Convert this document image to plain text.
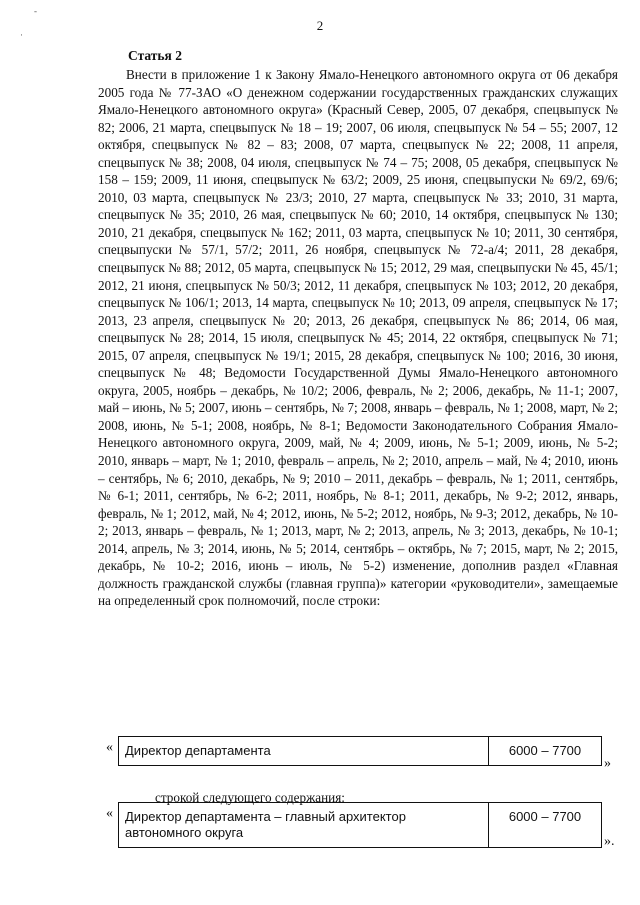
-
·
2
Статья 2
Внести в приложение 1 к Закону Ямало-Ненецкого автономного округа от 06 декабря 2005 года № 77-ЗАО «О денежном содержании государственных гражданских служащих Ямало-Ненецкого автономного округа» (Красный Север, 2005, 07 декабря, спецвыпуск № 82; 2006, 21 марта, спецвыпуск № 18 – 19; 2007, 06 июля, спецвыпуск № 54 – 55; 2007, 12 октября, спецвыпуск № 82 – 83; 2008, 07 марта, спецвыпуск № 22; 2008, 11 апреля, спецвыпуск № 38; 2008, 04 июля, спецвыпуск № 74 – 75; 2008, 05 декабря, спецвыпуск № 158 – 159; 2009, 11 июня, спецвыпуск № 63/2; 2009, 25 июня, спецвыпуски № 69/2, 69/6; 2010, 03 марта, спецвыпуск № 23/3; 2010, 27 марта, спецвыпуск № 33; 2010, 31 марта, спецвыпуск № 35; 2010, 26 мая, спецвыпуск № 60; 2010, 14 октября, спецвыпуск № 130; 2010, 21 декабря, спецвыпуск № 162; 2011, 03 марта, спецвыпуск № 10; 2011, 30 сентября, спецвыпуски № 57/1, 57/2; 2011, 26 ноября, спецвыпуск № 72-а/4; 2011, 28 декабря, спецвыпуск № 88; 2012, 05 марта, спецвыпуск № 15; 2012, 29 мая, спецвыпуски № 45, 45/1; 2012, 21 июня, спецвыпуск № 50/3; 2012, 11 декабря, спецвыпуск № 103; 2012, 20 декабря, спецвыпуск № 106/1; 2013, 14 марта, спецвыпуск № 10; 2013, 09 апреля, спецвыпуск № 17; 2013, 23 апреля, спецвыпуск № 20; 2013, 26 декабря, спецвыпуск № 86; 2014, 06 мая, спецвыпуск № 28; 2014, 15 июля, спецвыпуск № 45; 2014, 22 октября, спецвыпуск № 71; 2015, 07 апреля, спецвыпуск № 19/1; 2015, 28 декабря, спецвыпуск № 100; 2016, 30 июня, спецвыпуск № 48; Ведомости Государственной Думы Ямало-Ненецкого автономного округа, 2005, ноябрь – декабрь, № 10/2; 2006, февраль, № 2; 2006, декабрь, № 11-1; 2007, май – июнь, № 5; 2007, июнь – сентябрь, № 7; 2008, январь – февраль, № 1; 2008, март, № 2; 2008, июнь, № 5-1; 2008, ноябрь, № 8-1; Ведомости Законодательного Собрания Ямало-Ненецкого автономного округа, 2009, май, № 4; 2009, июнь, № 5-1; 2009, июнь, № 5-2; 2010, январь – март, № 1; 2010, февраль – апрель, № 2; 2010, апрель – май, № 4; 2010, июнь – сентябрь, № 6; 2010, декабрь, № 9; 2010 – 2011, декабрь – февраль, № 1; 2011, сентябрь, № 6-1; 2011, сентябрь, № 6-2; 2011, ноябрь, № 8-1; 2011, декабрь, № 9-2; 2012, январь, февраль, № 1; 2012, май, № 4; 2012, июнь, № 5-2; 2012, ноябрь, № 9-3; 2012, декабрь, № 10-2; 2013, январь – февраль, № 1; 2013, март, № 2; 2013, апрель, № 3; 2013, декабрь, № 10-1; 2014, апрель, № 3; 2014, июнь, № 5; 2014, сентябрь – октябрь, № 7; 2015, март, № 2; 2015, декабрь, № 10-2; 2016, июнь – июль, № 5-2) изменение, дополнив раздел «Главная должность гражданской службы (главная группа)» категории «руководители», замещаемые на определенный срок полномочий, после строки:
« Директор департамента	6000 – 7700
»
строкой следующего содержания:
« Директор департамента – главный архитектор автономного округа
6000 – 7700
».
